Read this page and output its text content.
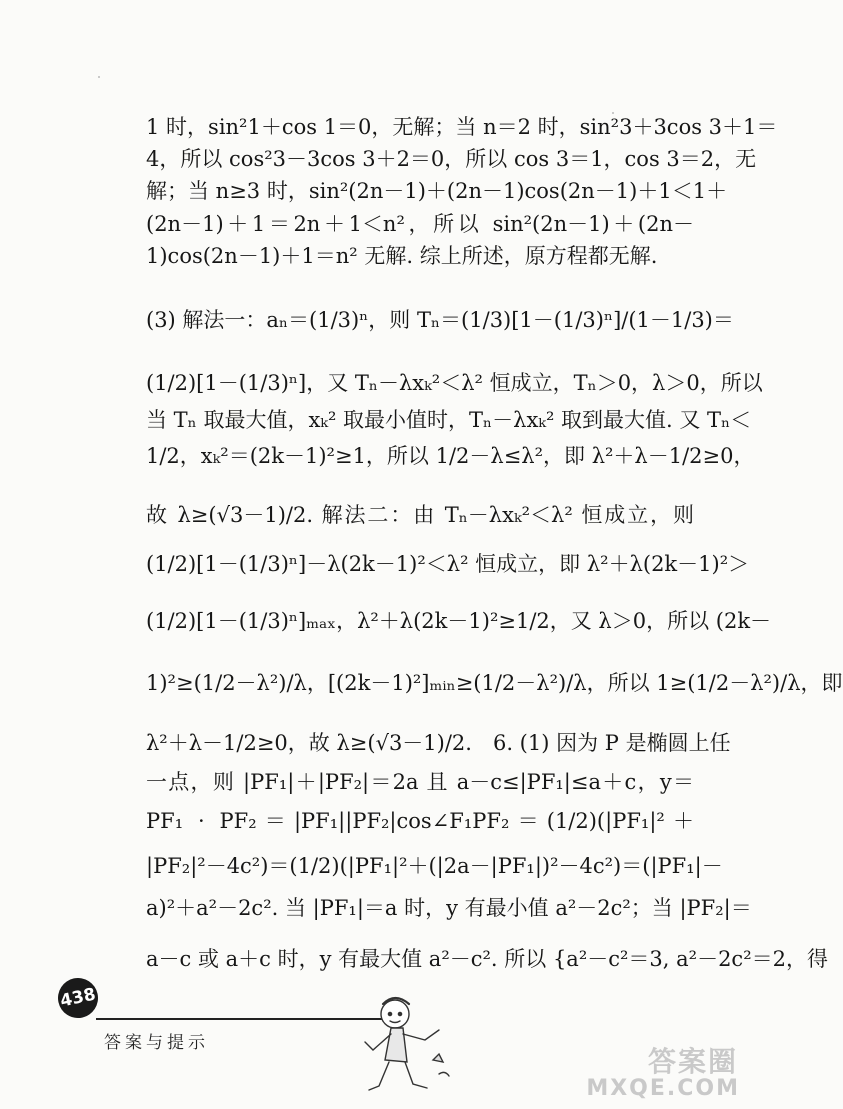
1 时，sin²1＋cos 1＝0，无解；当 n＝2 时，sin²3＋3cos 3＋1＝
4，所以 cos²3－3cos 3＋2＝0，所以 cos 3＝1，cos 3＝2，无
解；当 n≥3 时，sin²(2n－1)＋(2n－1)cos(2n－1)＋1＜1＋
(2n－1)＋1＝2n＋1＜n²，所以 sin²(2n－1)＋(2n－
1)cos(2n－1)＋1＝n² 无解. 综上所述，原方程都无解.
(3) 解法一：aₙ＝(1/3)ⁿ，则 Tₙ＝(1/3)[1－(1/3)ⁿ]/(1－1/3)＝
(1/2)[1－(1/3)ⁿ]，又 Tₙ－λxₖ²＜λ² 恒成立，Tₙ＞0，λ＞0，所以
当 Tₙ 取最大值，xₖ² 取最小值时，Tₙ－λxₖ² 取到最大值. 又 Tₙ＜
1/2，xₖ²＝(2k－1)²≥1，所以 1/2－λ≤λ²，即 λ²＋λ－1/2≥0，
故 λ≥(√3－1)/2. 解法二：由 Tₙ－λxₖ²＜λ² 恒成立，则
(1/2)[1－(1/3)ⁿ]－λ(2k－1)²＜λ² 恒成立，即 λ²＋λ(2k－1)²＞
(1/2)[1－(1/3)ⁿ]ₘₐₓ，λ²＋λ(2k－1)²≥1/2，又 λ＞0，所以 (2k－
1)²≥(1/2－λ²)/λ，[(2k－1)²]ₘᵢₙ≥(1/2－λ²)/λ，所以 1≥(1/2－λ²)/λ，即
λ²＋λ－1/2≥0，故 λ≥(√3－1)/2.　6. (1) 因为 P 是椭圆上任
一点，则 |PF₁|＋|PF₂|＝2a 且 a－c≤|PF₁|≤a＋c，y＝
PF₁ · PF₂＝|PF₁||PF₂|cos∠F₁PF₂＝(1/2)(|PF₁|²＋
|PF₂|²－4c²)＝(1/2)(|PF₁|²＋(|2a－|PF₁|)²－4c²)＝(|PF₁|－
a)²＋a²－2c². 当 |PF₁|＝a 时，y 有最小值 a²－2c²；当 |PF₂|＝
a－c 或 a＋c 时，y 有最大值 a²－c². 所以 {a²－c²＝3, a²－2c²＝2，得
438
答案与提示
答案圈
MXQE.COM
